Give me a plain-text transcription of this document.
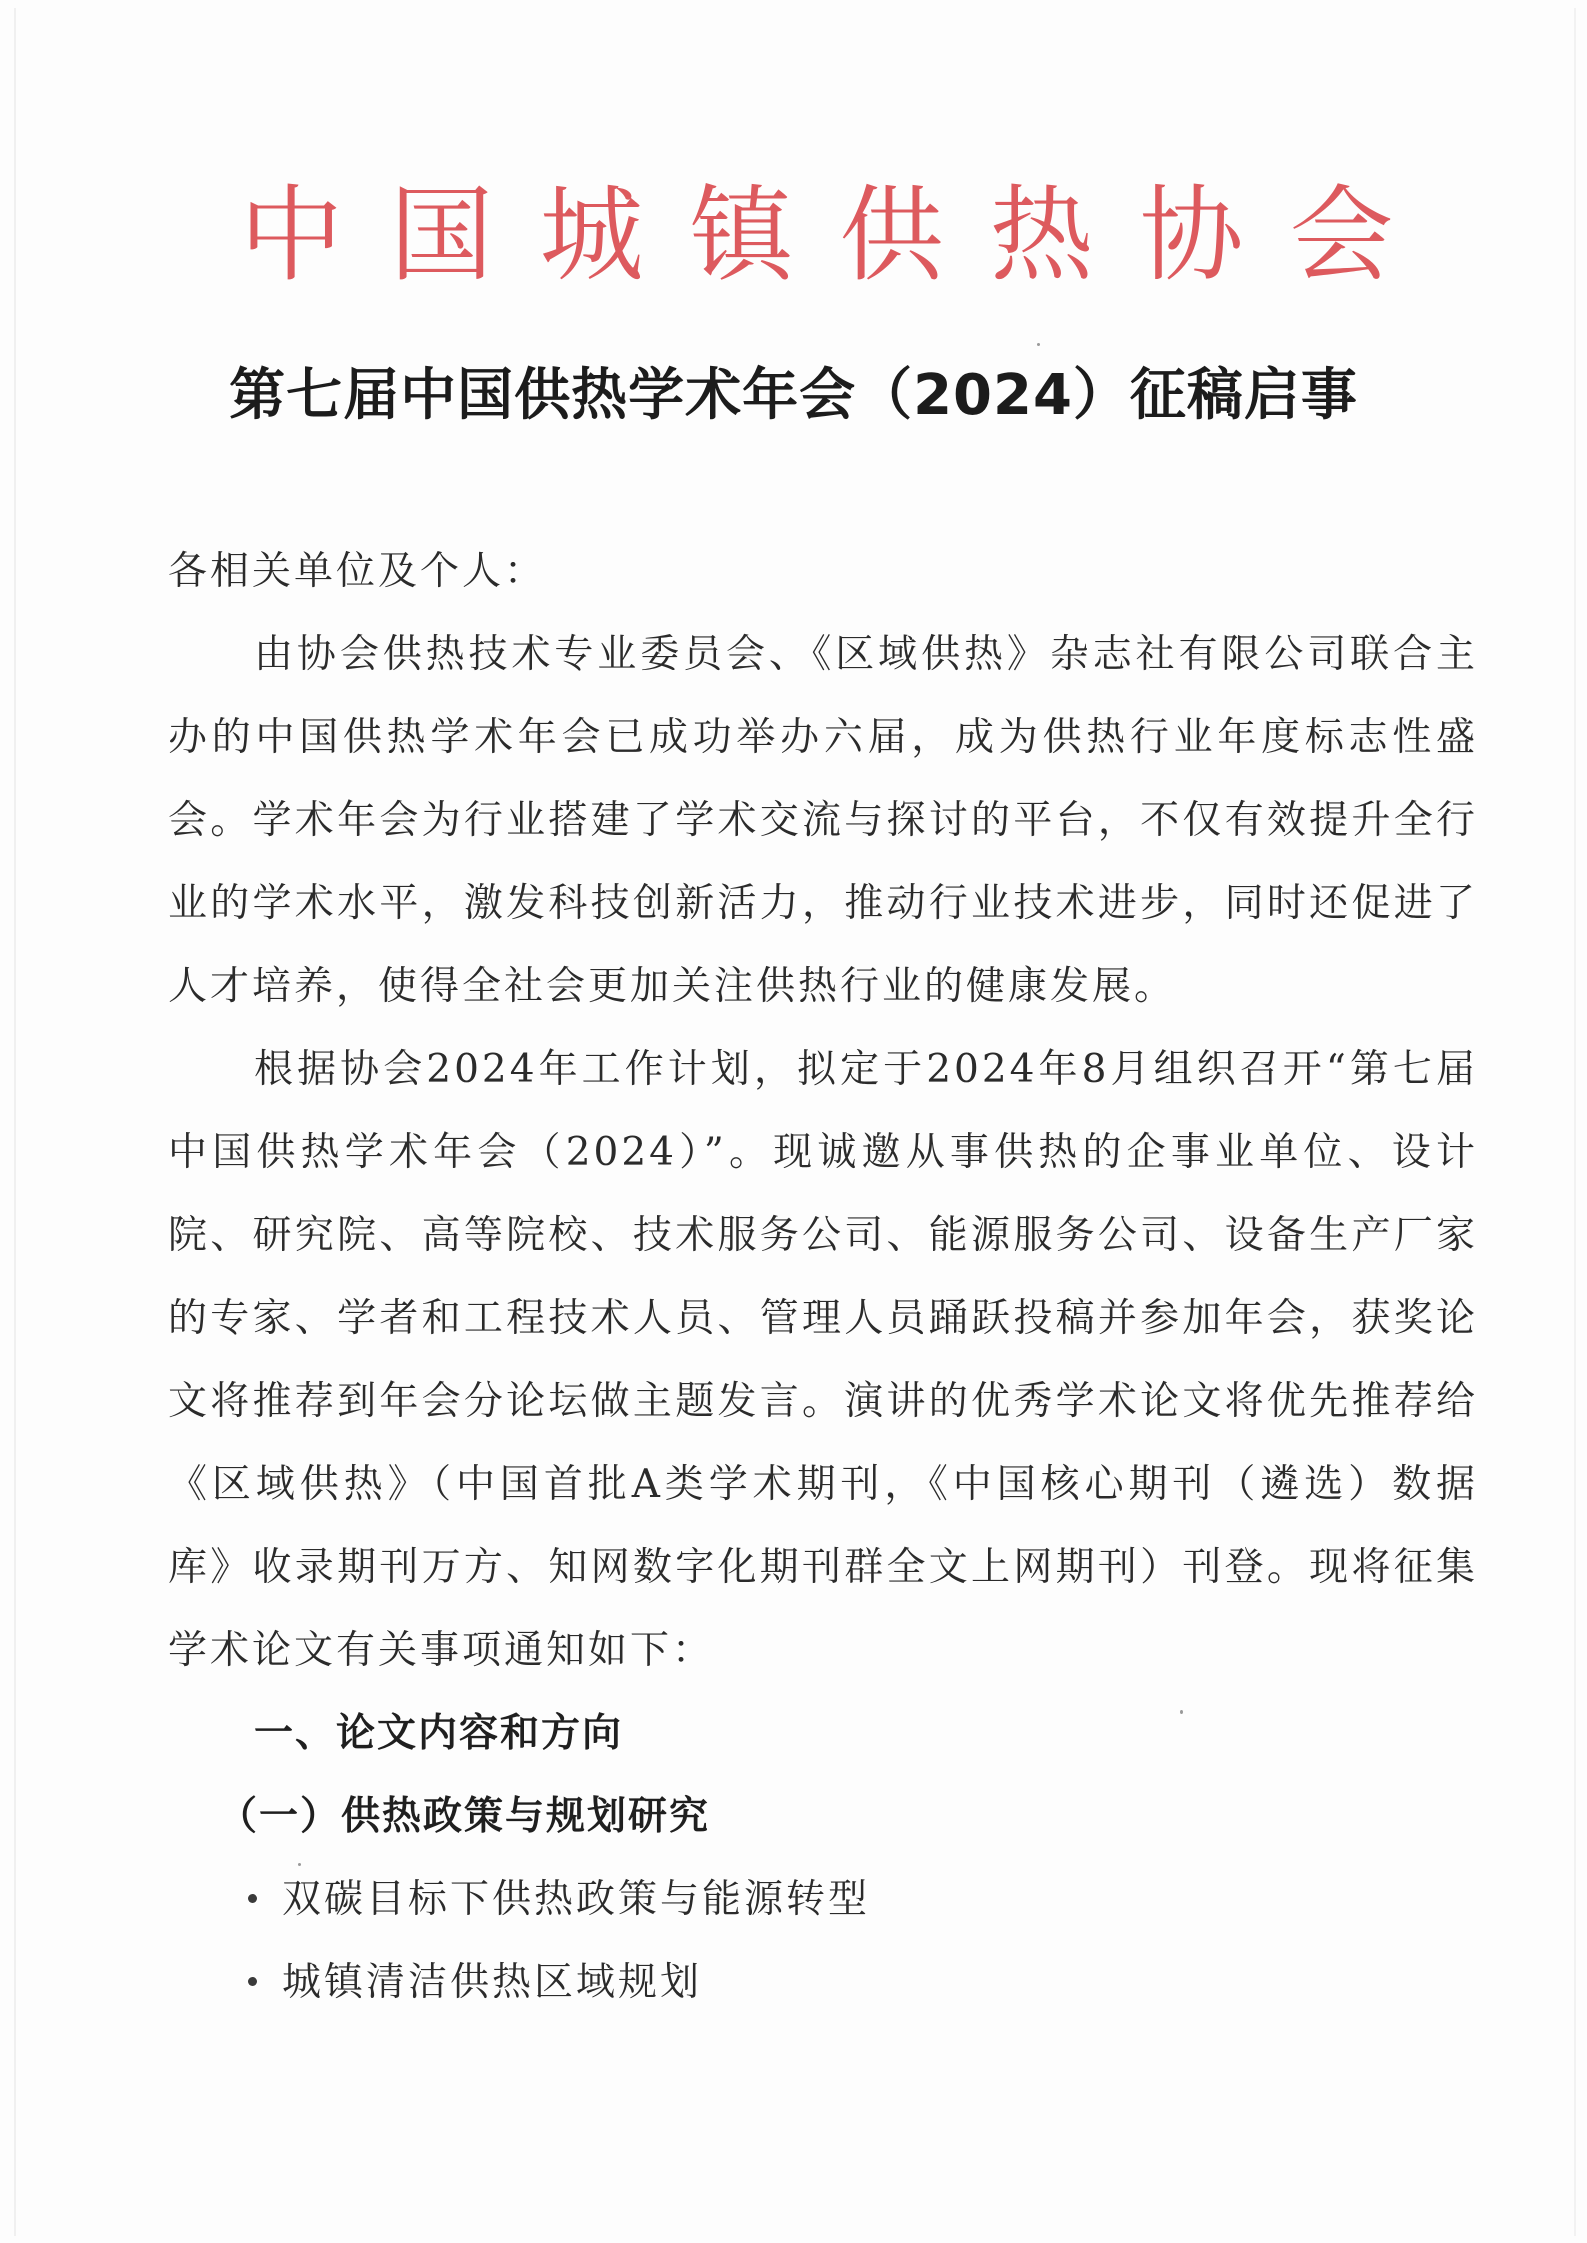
中国城镇供热协会
第七届中国供热学术年会（2024）征稿启事

各相关单位及个人：

由协会供热技术专业委员会、《区域供热》杂志社有限公司联合主办的中国供热学术年会已成功举办六届，成为供热行业年度标志性盛会。学术年会为行业搭建了学术交流与探讨的平台，不仅有效提升全行业的学术水平，激发科技创新活力，推动行业技术进步，同时还促进了人才培养，使得全社会更加关注供热行业的健康发展。

根据协会2024年工作计划，拟定于2024年8月组织召开“第七届中国供热学术年会（2024）”。现诚邀从事供热的企事业单位、设计院、研究院、高等院校、技术服务公司、能源服务公司、设备生产厂家的专家、学者和工程技术人员、管理人员踊跃投稿并参加年会，获奖论文将推荐到年会分论坛做主题发言。演讲的优秀学术论文将优先推荐给《区域供热》（中国首批A类学术期刊，《中国核心期刊（遴选）数据库》收录期刊万方、知网数字化期刊群全文上网期刊）刊登。现将征集学术论文有关事项通知如下：

一、论文内容和方向

（一）供热政策与规划研究

双碳目标下供热政策与能源转型
城镇清洁供热区域规划
